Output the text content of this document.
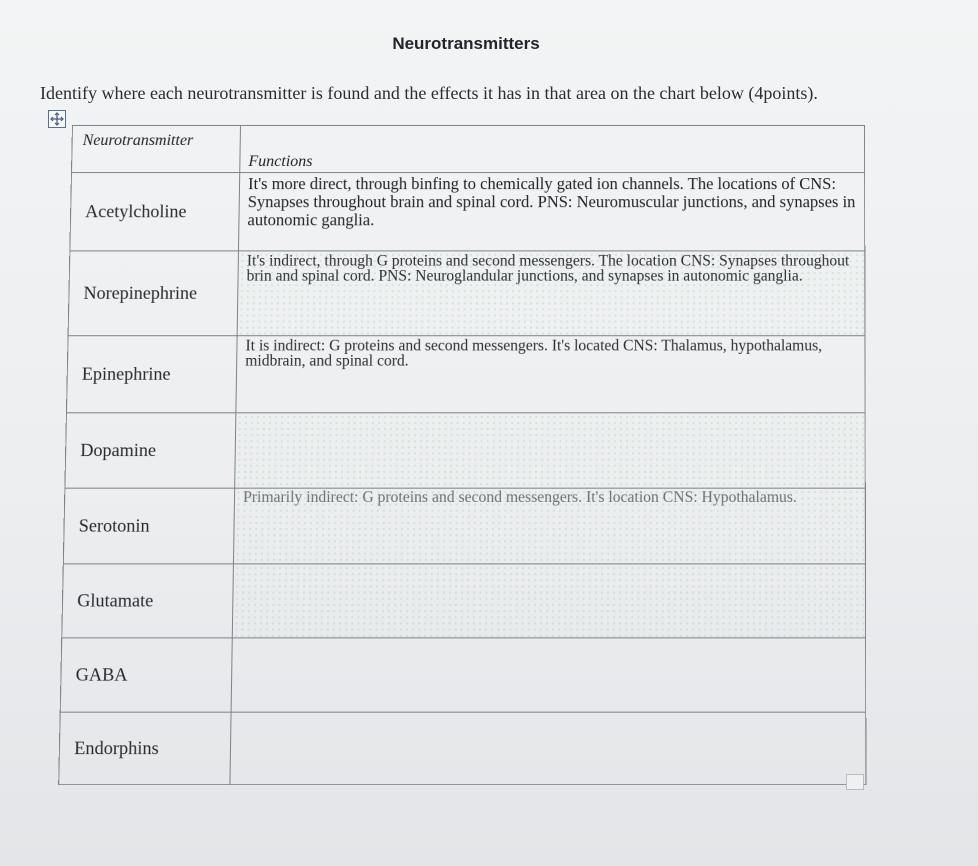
Neurotransmitters
Identify where each neurotransmitter is found and the effects it has in that area on the chart below (4points).
Neurotransmitter	Functions
Acetylcholine	It's more direct, through binfing to chemically gated ion channels. The locations of CNS: Synapses throughout brain and spinal cord. PNS: Neuromuscular junctions, and synapses in autonomic ganglia.
Norepinephrine	It's indirect, through G proteins and second messengers. The location CNS: Synapses throughout brin and spinal cord. PNS: Neuroglandular junctions, and synapses in autonomic ganglia.
Epinephrine	It is indirect: G proteins and second messengers. It's located CNS: Thalamus, hypothalamus, midbrain, and spinal cord.
Dopamine	
Serotonin	Primarily indirect: G proteins and second messengers. It's location CNS: Hypothalamus.
Glutamate	
GABA	
Endorphins	
